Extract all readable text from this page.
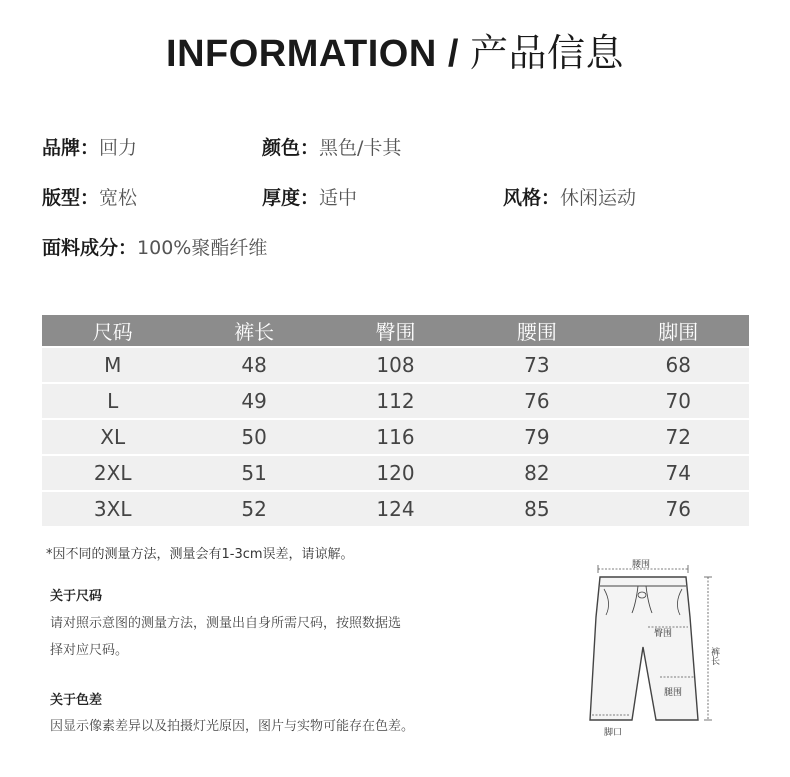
INFORMATION / 产品信息
品牌：回力	颜色：黑色/卡其
版型：宽松	厚度：适中	风格：休闲运动
面料成分：100%聚酯纤维
尺码	裤长	臀围	腰围	脚围
M	48	108	73	68
L	49	112	76	70
XL	50	116	79	72
2XL	51	120	82	74
3XL	52	124	85	76
*因不同的测量方法，测量会有1-3cm误差，请谅解。
关于尺码
请对照示意图的测量方法，测量出自身所需尺码，按照数据选
择对应尺码。
关于色差
因显示像素差异以及拍摄灯光原因，图片与实物可能存在色差。
腰围
臀围
腿围
脚口
裤长
